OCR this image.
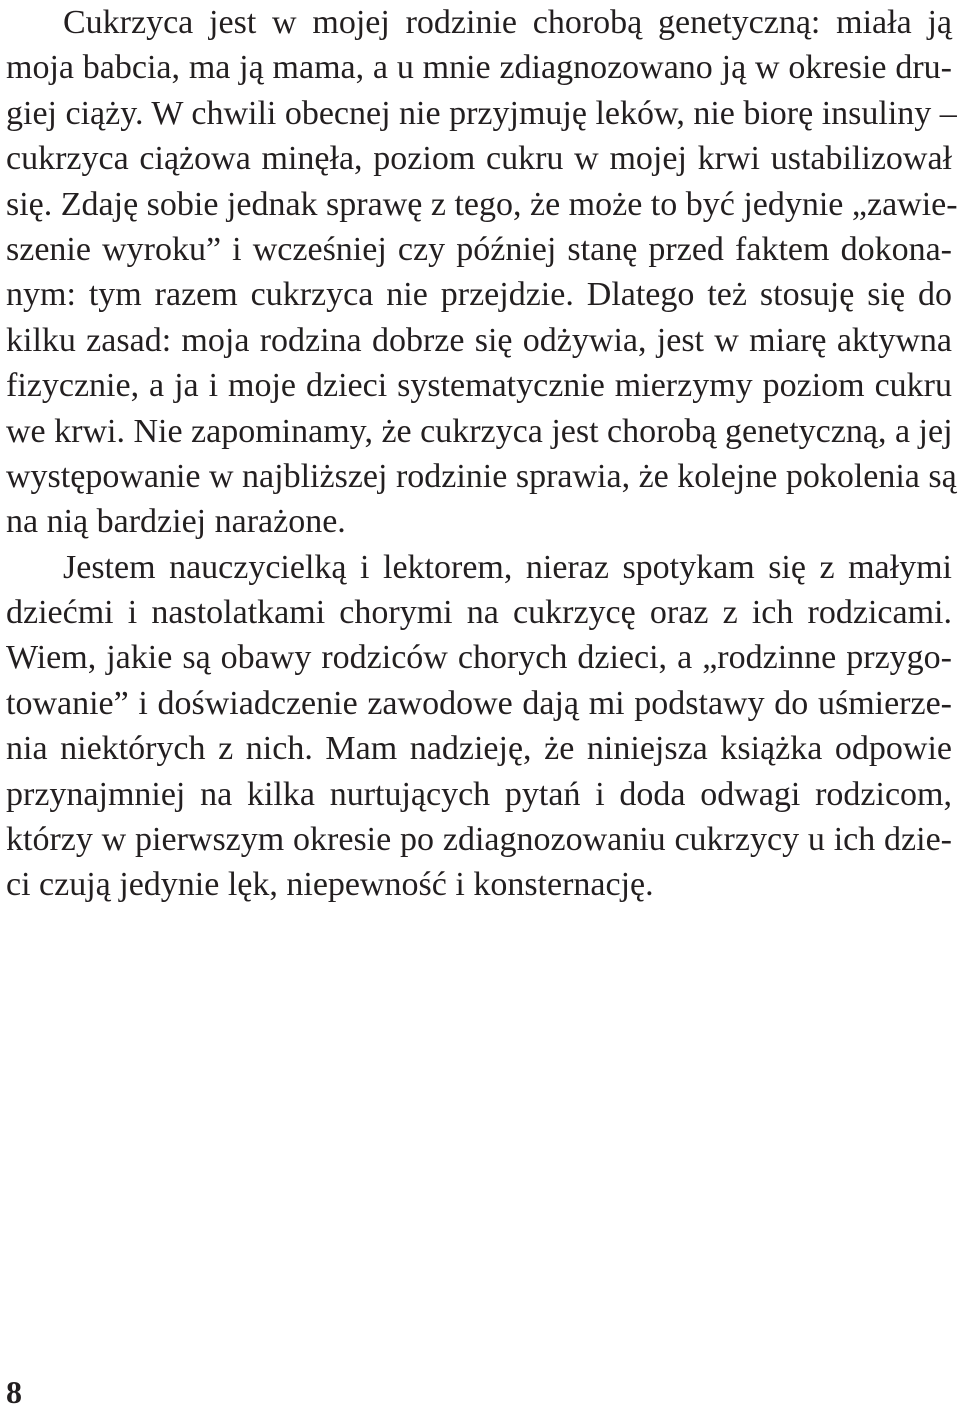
Cukrzyca jest w mojej rodzinie chorobą genetyczną: miała ją
moja babcia, ma ją mama, a u mnie zdiagnozowano ją w okresie dru-
giej ciąży. W chwili obecnej nie przyjmuję leków, nie biorę insuliny –
cukrzyca ciążowa minęła, poziom cukru w mojej krwi ustabilizował
się. Zdaję sobie jednak sprawę z tego, że może to być jedynie „zawie-
szenie wyroku” i wcześniej czy później stanę przed faktem dokona-
nym: tym razem cukrzyca nie przejdzie. Dlatego też stosuję się do
kilku zasad: moja rodzina dobrze się odżywia, jest w miarę aktywna
fizycznie, a ja i moje dzieci systematycznie mierzymy poziom cukru
we krwi. Nie zapominamy, że cukrzyca jest chorobą genetyczną, a jej
występowanie w najbliższej rodzinie sprawia, że kolejne pokolenia są
na nią bardziej narażone.
Jestem nauczycielką i lektorem, nieraz spotykam się z małymi
dziećmi i nastolatkami chorymi na cukrzycę oraz z ich rodzicami.
Wiem, jakie są obawy rodziców chorych dzieci, a „rodzinne przygo-
towanie” i doświadczenie zawodowe dają mi podstawy do uśmierze-
nia niektórych z nich. Mam nadzieję, że niniejsza książka odpowie
przynajmniej na kilka nurtujących pytań i doda odwagi rodzicom,
którzy w pierwszym okresie po zdiagnozowaniu cukrzycy u ich dzie-
ci czują jedynie lęk, niepewność i konsternację.
8
